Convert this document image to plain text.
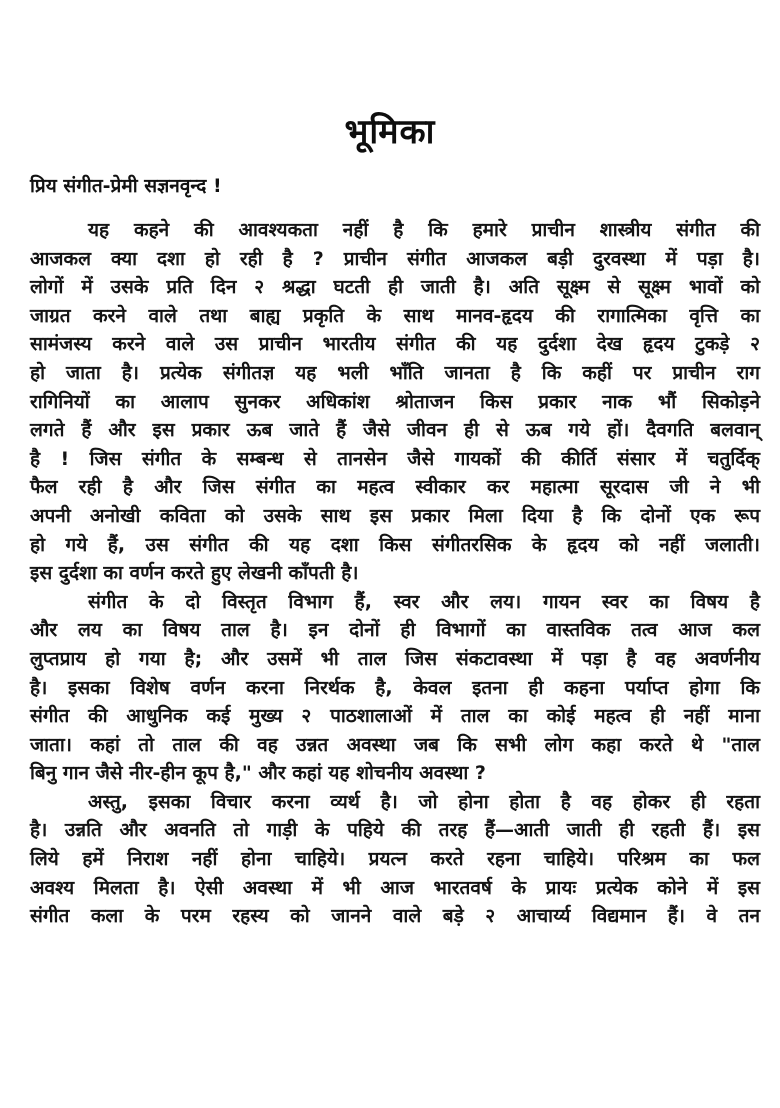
भूमिका
प्रिय संगीत-प्रेमी सज्ञनवृन्द !
यह कहने की आवश्यकता नहीं है कि हमारे प्राचीन शास्त्रीय संगीत की
आजकल क्या दशा हो रही है ? प्राचीन संगीत आजकल बड़ी दुरवस्था में पड़ा है।
लोगों में उसके प्रति दिन २ श्रद्धा घटती ही जाती है। अति सूक्ष्म से सूक्ष्म भावों को
जाग्रत करने वाले तथा बाह्य प्रकृति के साथ मानव-हृदय की रागात्मिका वृत्ति का
सामंजस्य करने वाले उस प्राचीन भारतीय संगीत की यह दुर्दशा देख हृदय टुकड़े २
हो जाता है। प्रत्येक संगीतज्ञ यह भली भाँति जानता है कि कहीं पर प्राचीन राग
रागिनियों का आलाप सुनकर अधिकांश श्रोताजन किस प्रकार नाक भौं सिकोड़ने
लगते हैं और इस प्रकार ऊब जाते हैं जैसे जीवन ही से ऊब गये हों। दैवगति बलवान्
है ! जिस संगीत के सम्बन्ध से तानसेन जैसे गायकों की कीर्ति संसार में चतुर्दिक्
फैल रही है और जिस संगीत का महत्व स्वीकार कर महात्मा सूरदास जी ने भी
अपनी अनोखी कविता को उसके साथ इस प्रकार मिला दिया है कि दोनों एक रूप
हो गये हैं, उस संगीत की यह दशा किस संगीतरसिक के हृदय को नहीं जलाती।
इस दुर्दशा का वर्णन करते हुए लेखनी काँपती है।
संगीत के दो विस्तृत विभाग हैं, स्वर और लय। गायन स्वर का विषय है
और लय का विषय ताल है। इन दोनों ही विभागों का वास्तविक तत्व आज कल
लुप्तप्राय हो गया है; और उसमें भी ताल जिस संकटावस्था में पड़ा है वह अवर्णनीय
है। इसका विशेष वर्णन करना निरर्थक है, केवल इतना ही कहना पर्याप्त होगा कि
संगीत की आधुनिक कई मुख्य २ पाठशालाओं में ताल का कोई महत्व ही नहीं माना
जाता। कहां तो ताल की वह उन्नत अवस्था जब कि सभी लोग कहा करते थे "ताल
बिनु गान जैसे नीर-हीन कूप है," और कहां यह शोचनीय अवस्था ?
अस्तु, इसका विचार करना व्यर्थ है। जो होना होता है वह होकर ही रहता
है। उन्नति और अवनति तो गाड़ी के पहिये की तरह हैं—आती जाती ही रहती हैं। इस
लिये हमें निराश नहीं होना चाहिये। प्रयत्न करते रहना चाहिये। परिश्रम का फल
अवश्य मिलता है। ऐसी अवस्था में भी आज भारतवर्ष के प्रायः प्रत्येक कोने में इस
संगीत कला के परम रहस्य को जानने वाले बड़े २ आचार्य्य विद्यमान हैं। वे तन
